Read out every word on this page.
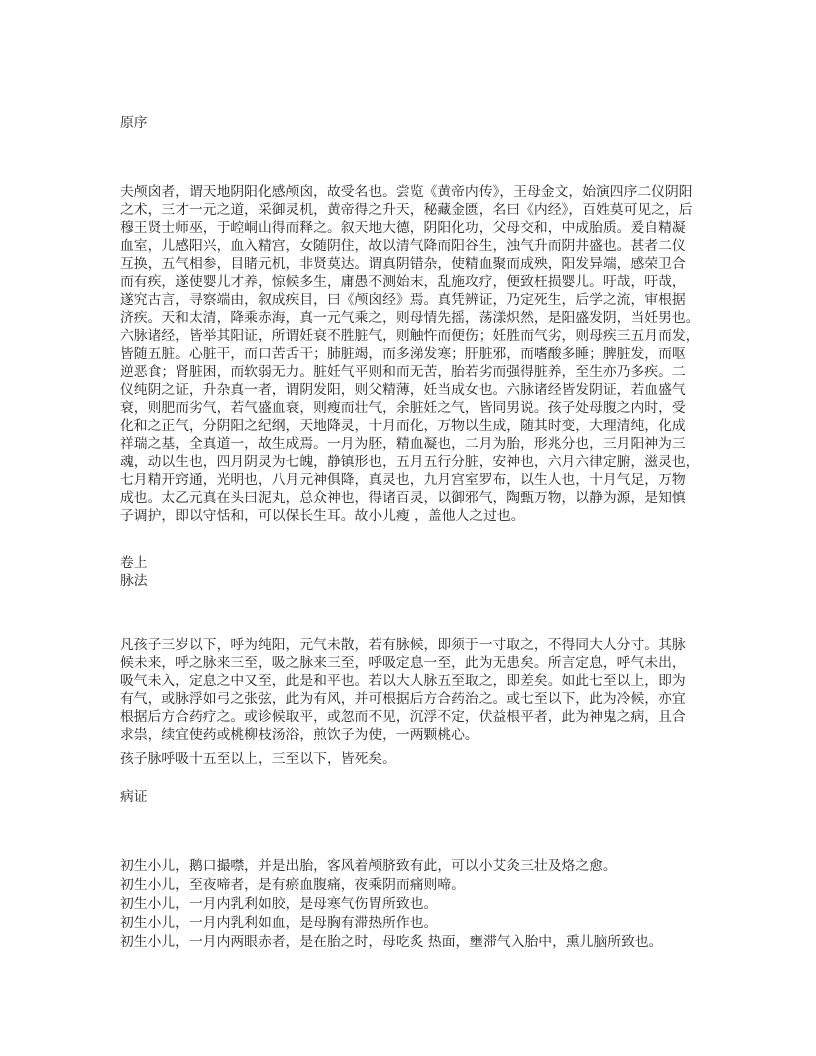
原序
夫颅囟者，谓天地阴阳化感颅囟，故受名也。尝览《黄帝内传》，王母金文，始演四序二仪阴阳
之术，三才一元之道，采御灵机，黄帝得之升天，秘藏金匮，名曰《内经》，百姓莫可见之，后
穆王贤士师巫，于崆峒山得而释之。叙天地大德，阴阳化功，父母交和，中成胎质。爰自精凝
血室，儿感阳兴，血入精宫，女随阴住，故以清气降而阳谷生，浊气升而阴井盛也。甚者二仪
互换，五气相参，目睹元机，非贤莫达。谓真阴错杂，使精血聚而成殃，阳发异端，感荣卫合
而有疾，遂使婴儿才养，惊候多生，庸愚不测始末，乱施攻疗，便致枉损婴儿。吁哉，吁哉，
遂究古言，寻察端由，叙成疾目，曰《颅囟经》焉。真凭辨证，乃定死生，后学之流，审根据
济疾。天和太清，降乘赤海，真一元气乘之，则母情先摇，荡漾炽然，是阳盛发阴，当妊男也。
六脉诸经，皆举其阳证，所谓妊衰不胜脏气，则触忤而便伤；妊胜而气劣，则母疾三五月而发，
皆随五脏。心脏干，而口苦舌干；肺脏竭，而多涕发寒；肝脏邪，而嗜酸多睡；脾脏发，而呕
逆恶食；肾脏困，而软弱无力。脏妊气平则和而无苦，胎若劣而强得脏养，至生亦乃多疾。二
仪纯阴之证，升杂真一者，谓阴发阳，则父精薄，妊当成女也。六脉诸经皆发阴证，若血盛气
衰，则肥而劣气，若气盛血衰，则瘦而壮气，余脏妊之气，皆同男说。孩子处母腹之内时，受
化和之正气，分阴阳之纪纲，天地降灵，十月而化，万物以生成，随其时变，大理清纯，化成
祥瑞之基，全真道一，故生成焉。一月为胚，精血凝也，二月为胎，形兆分也，三月阳神为三
魂，动以生也，四月阴灵为七魄，静镇形也，五月五行分脏，安神也，六月六律定腑，滋灵也，
七月精开窍通，光明也，八月元神俱降，真灵也，九月宫室罗布，以生人也，十月气足，万物
成也。太乙元真在头曰泥丸，总众神也，得诸百灵，以御邪气，陶甄万物，以静为源，是知慎
子调护，即以守恬和，可以保长生耳。故小儿瘦 ，盖他人之过也。
卷上
脉法
凡孩子三岁以下，呼为纯阳，元气未散，若有脉候，即须于一寸取之，不得同大人分寸。其脉
候未来，呼之脉来三至，吸之脉来三至，呼吸定息一至，此为无患矣。所言定息，呼气未出，
吸气未入，定息之中又至，此是和平也。若以大人脉五至取之，即差矣。如此七至以上，即为
有气，或脉浮如弓之张弦，此为有风，并可根据后方合药治之。或七至以下，此为冷候，亦宜
根据后方合药疗之。或诊候取平，或忽而不见，沉浮不定，伏益根平者，此为神鬼之病，且合
求祟，续宜使药或桃柳枝汤浴，煎饮子为使，一两颗桃心。
孩子脉呼吸十五至以上，三至以下，皆死矣。
病证
初生小儿，鹅口撮噤，并是出胎，客风着颅脐致有此，可以小艾灸三壮及烙之愈。
初生小儿，至夜啼者，是有瘀血腹痛，夜乘阴而痛则啼。
初生小儿，一月内乳利如胶，是母寒气伤胃所致也。
初生小儿，一月内乳利如血，是母胸有滞热所作也。
初生小儿，一月内两眼赤者，是在胎之时，母吃炙 热面，壅滞气入胎中，熏儿脑所致也。
